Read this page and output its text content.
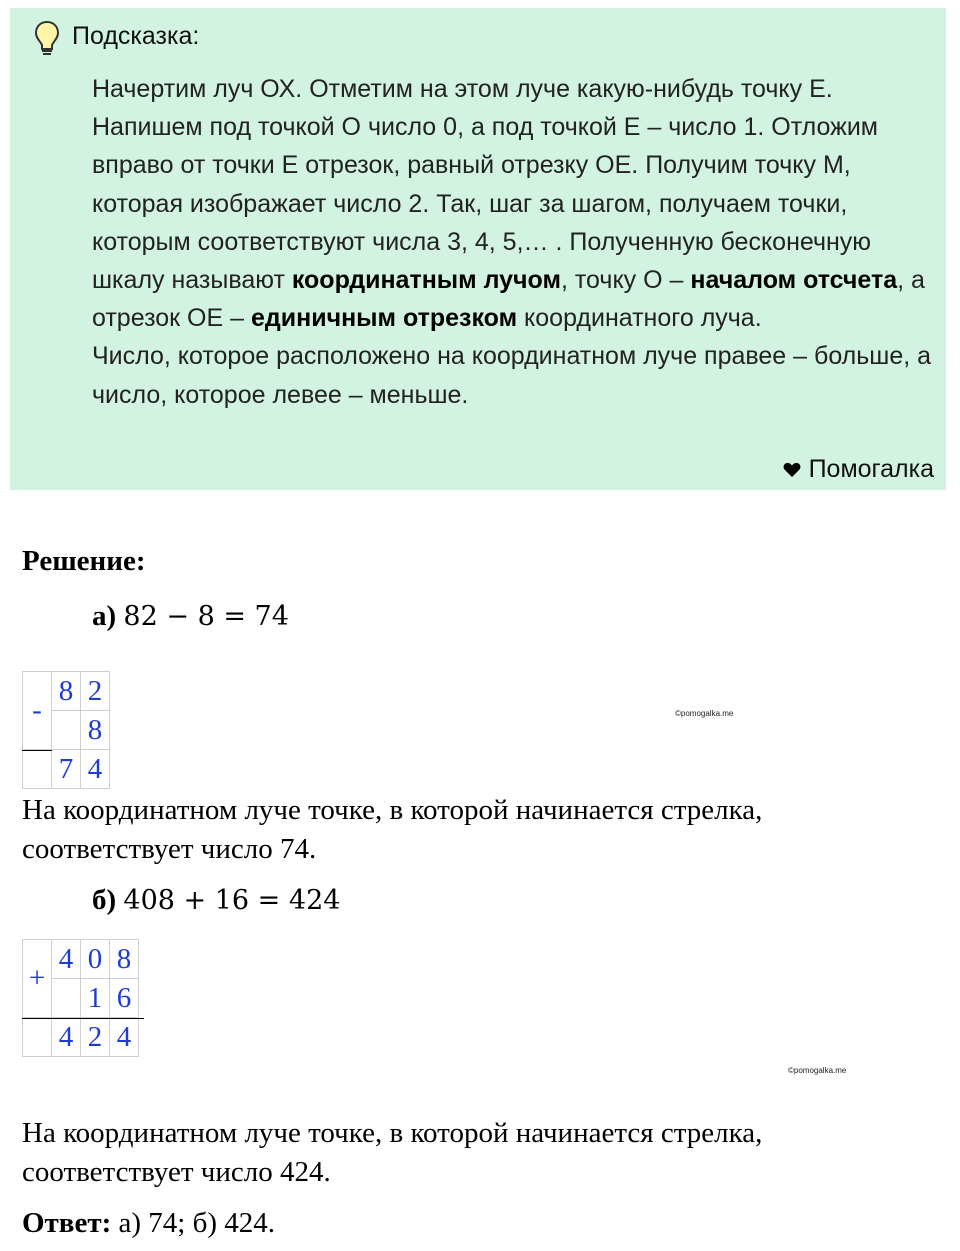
Подсказка:
Начертим луч ОХ. Отметим на этом луче какую-нибудь точку Е. Напишем под точкой О число 0, а под точкой Е – число 1. Отложим вправо от точки Е отрезок, равный отрезку ОЕ. Получим точку М, которая изображает число 2. Так, шаг за шагом, получаем точки, которым соответствуют числа 3, 4, 5,… . Полученную бесконечную шкалу называют координатным лучом, точку О – началом отсчета, а отрезок ОЕ – единичным отрезком координатного луча.
Число, которое расположено на координатном луче правее – больше, а число, которое левее – меньше.
Помогалка
Решение:
а) 82 − 8 = 74
-	8	2
		8
	7	4
©pomogalka.me
На координатном луче точке, в которой начинается стрелка, соответствует число 74.
б) 408 + 16 = 424
+	4	0	8
		1	6
	4	2	4
©pomogalka.me
На координатном луче точке, в которой начинается стрелка, соответствует число 424.
Ответ: а) 74; б) 424.
